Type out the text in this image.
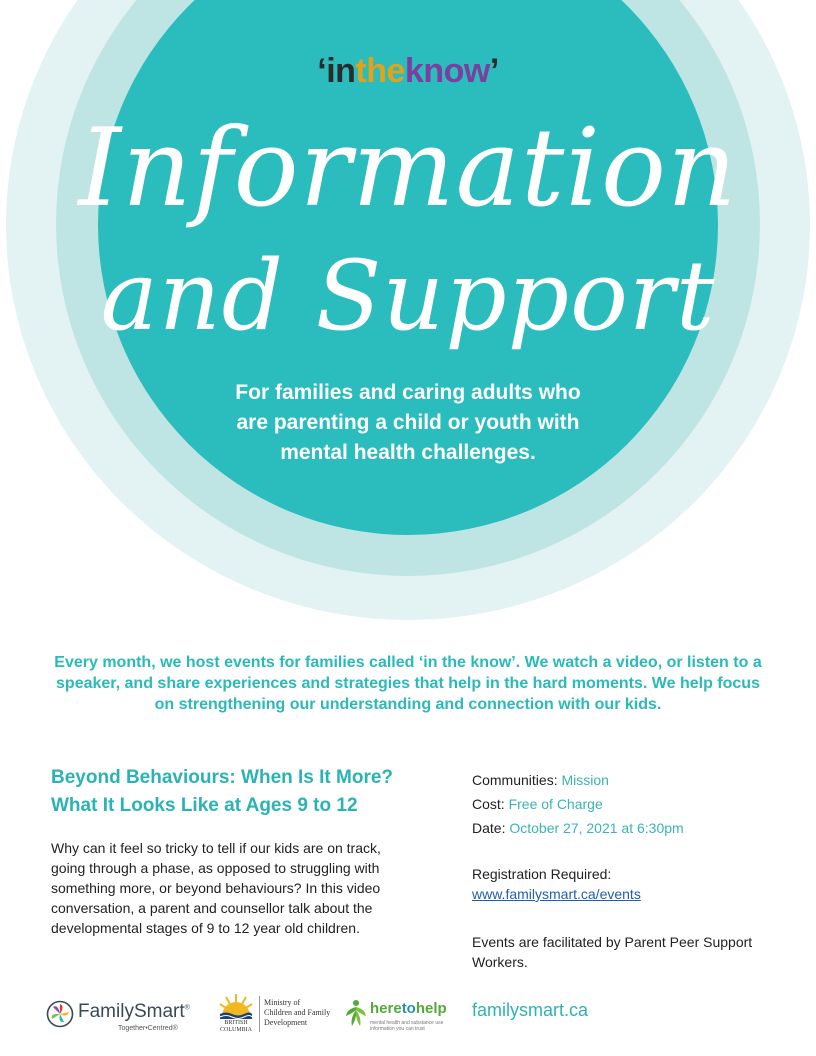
‘intheknow’
Information
and Support
For families and caring adults who
are parenting a child or youth with
mental health challenges.
Every month, we host events for families called ‘in the know’. We watch a video, or listen to a
speaker, and share experiences and strategies that help in the hard moments. We help focus
on strengthening our understanding and connection with our kids.
Beyond Behaviours: When Is It More?
What It Looks Like at Ages 9 to 12
Why can it feel so tricky to tell if our kids are on track,
going through a phase, as opposed to struggling with
something more, or beyond behaviours? In this video
conversation, a parent and counsellor talk about the
developmental stages of 9 to 12 year old children.
Communities: Mission
Cost: Free of Charge
Date: October 27, 2021 at 6:30pm
Registration Required:
www.familysmart.ca/events
Events are facilitated by Parent Peer Support
Workers.
FamilySmart®
Together•Centred®
BRITISH
COLUMBIA
Ministry of
Children and Family
Development
heretohelp
mental health and substance use
information you can trust
familysmart.ca
